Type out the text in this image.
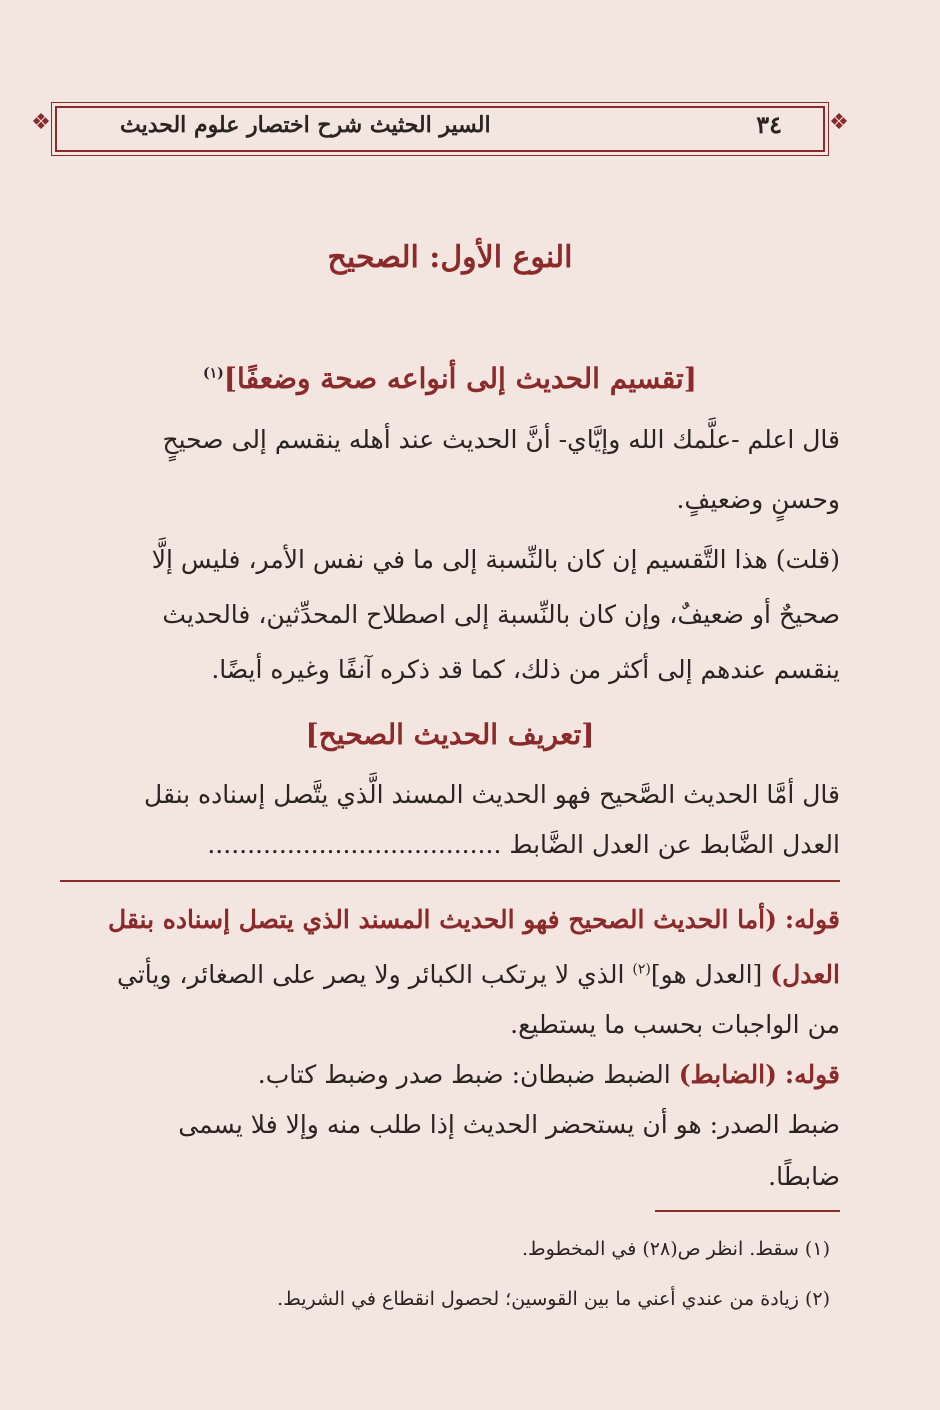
❖	❖
السير الحثيث شرح اختصار علوم الحديث	٣٤
النوع الأول: الصحيح
[تقسيم الحديث إلى أنواعه صحة وضعفًا]$^{(١)}$
قال اعلم -علَّمك الله وإيَّاي- أنَّ الحديث عند أهله ينقسم إلى صحيحٍ
وحسنٍ وضعيفٍ.
(قلت) هذا التَّقسيم إن كان بالنِّسبة إلى ما في نفس الأمر، فليس إلَّا
صحيحٌ أو ضعيفٌ، وإن كان بالنِّسبة إلى اصطلاح المحدِّثين، فالحديث
ينقسم عندهم إلى أكثر من ذلك، كما قد ذكره آنفًا وغيره أيضًا.
[تعريف الحديث الصحيح]
قال أمَّا الحديث الصَّحيح فهو الحديث المسند الَّذي يتَّصل إسناده بنقل
العدل الضَّابط عن العدل الضَّابط .....................................
قوله: (أما الحديث الصحيح فهو الحديث المسند الذي يتصل إسناده بنقل
العدل) [العدل هو]$^{(٢)}$ الذي لا يرتكب الكبائر ولا يصر على الصغائر، ويأتي
من الواجبات بحسب ما يستطيع.
قوله: (الضابط) الضبط ضبطان: ضبط صدر وضبط كتاب.
ضبط الصدر: هو أن يستحضر الحديث إذا طلب منه وإلا فلا يسمى
ضابطًا.
(١) سقط. انظر ص(٢٨) في المخطوط.
(٢) زيادة من عندي أعني ما بين القوسين؛ لحصول انقطاع في الشريط.
